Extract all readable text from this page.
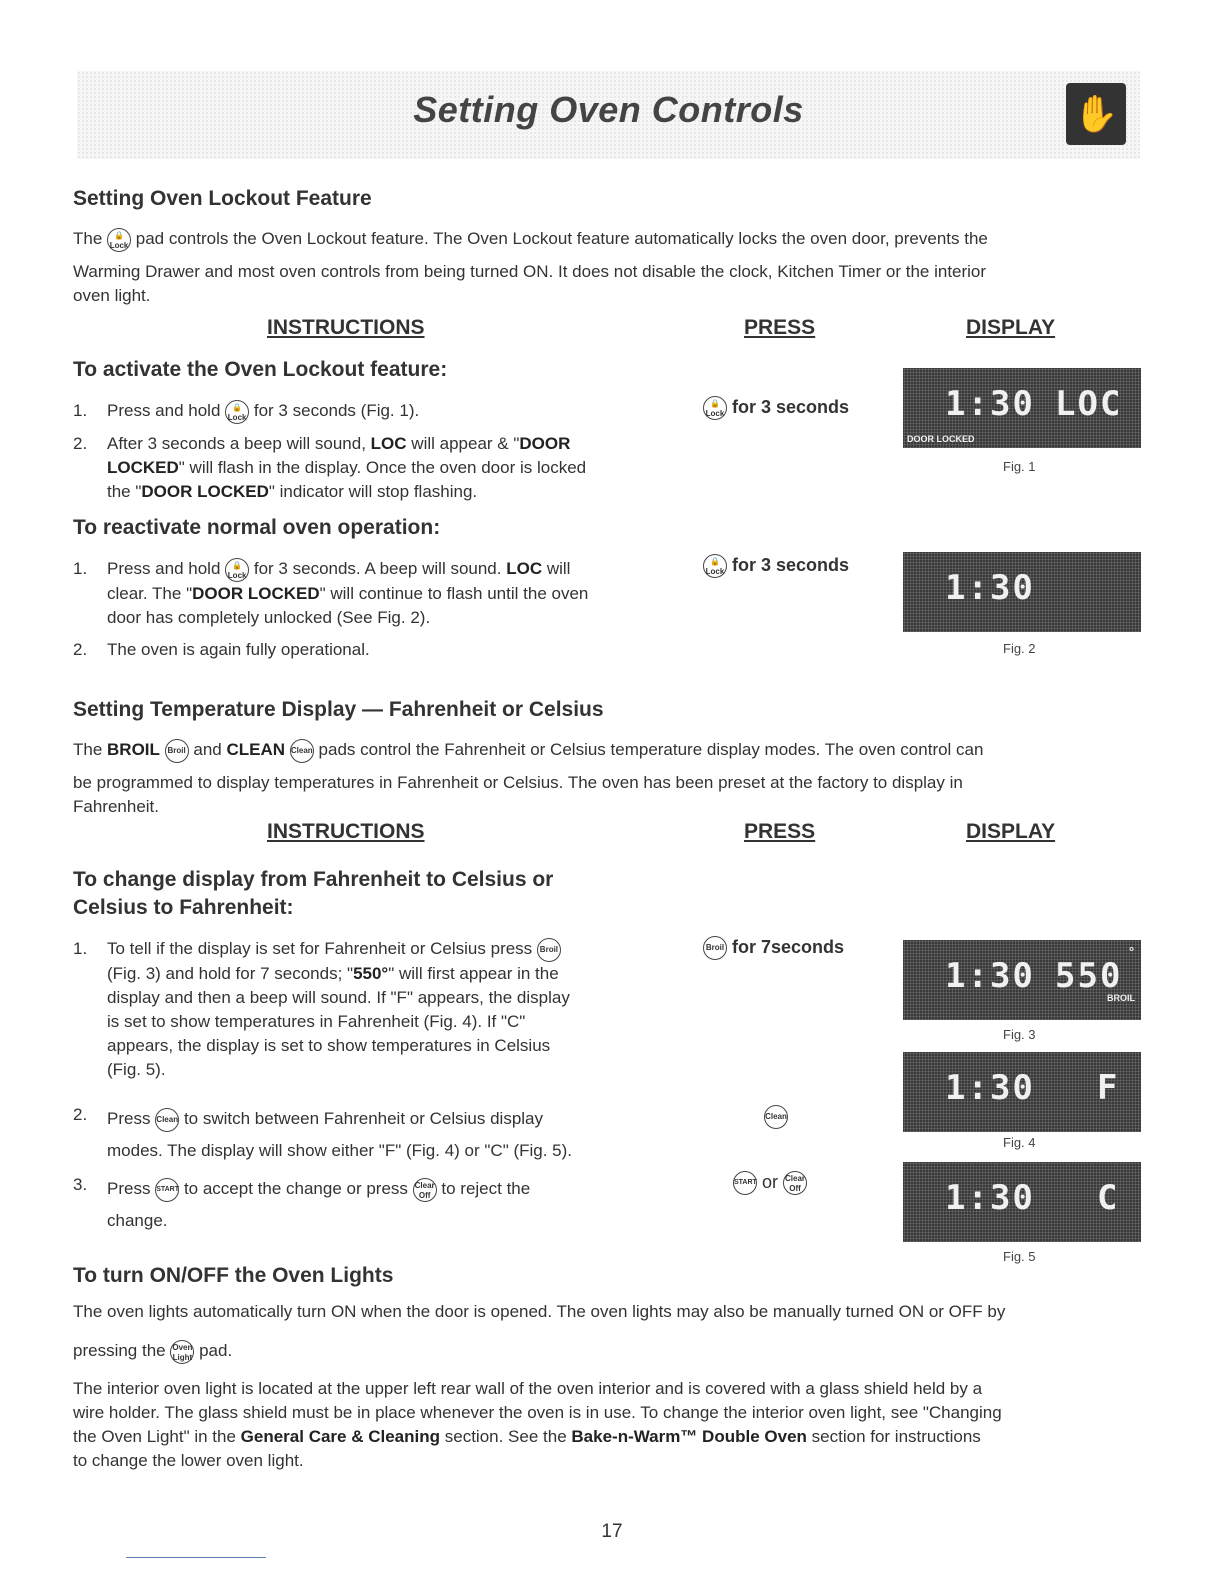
Setting Oven Controls	✋
Setting Oven Lockout Feature
The 🔒
Lock pad controls the Oven Lockout feature. The Oven Lockout feature automatically locks the oven door, prevents the
Warming Drawer and most oven controls from being turned ON. It does not disable the clock, Kitchen Timer or the interior
oven light.
INSTRUCTIONS	PRESS	DISPLAY
To activate the Oven Lockout feature:
1. Press and hold 🔒
Lock for 3 seconds (Fig. 1).
2. After 3 seconds a beep will sound, LOC will appear & "DOOR
LOCKED" will flash in the display. Once the oven door is locked
the "DOOR LOCKED" indicator will stop flashing.
🔒
Lock for 3 seconds	1:30 LOC
DOOR LOCKED
Fig. 1
To reactivate normal oven operation:
1. Press and hold 🔒
Lock for 3 seconds. A beep will sound. LOC will
clear. The "DOOR LOCKED" will continue to flash until the oven
door has completely unlocked (See Fig. 2).
2. The oven is again fully operational.
🔒
Lock for 3 seconds
1:30
Fig. 2
Setting Temperature Display — Fahrenheit or Celsius
The BROIL Broil and CLEAN Clean pads control the Fahrenheit or Celsius temperature display modes. The oven control can
be programmed to display temperatures in Fahrenheit or Celsius. The oven has been preset at the factory to display in
Fahrenheit.
INSTRUCTIONS	PRESS	DISPLAY
To change display from Fahrenheit to Celsius or
Celsius to Fahrenheit:
1. To tell if the display is set for Fahrenheit or Celsius press Broil
(Fig. 3) and hold for 7 seconds; "550°" will first appear in the
display and then a beep will sound. If "F" appears, the display
is set to show temperatures in Fahrenheit (Fig. 4). If "C"
appears, the display is set to show temperatures in Celsius
(Fig. 5).
2. Press Clean to switch between Fahrenheit or Celsius display
modes. The display will show either "F" (Fig. 4) or "C" (Fig. 5).
3. Press START to accept the change or press Clear
Off to reject the
change.
Broil for 7seconds
Clean
START or Clear
Off
1:30 550
°
BROIL
Fig. 3
1:30 F
Fig. 4
1:30 C
Fig. 5
To turn ON/OFF the Oven Lights
The oven lights automatically turn ON when the door is opened. The oven lights may also be manually turned ON or OFF by
pressing the Oven
Light pad.
The interior oven light is located at the upper left rear wall of the oven interior and is covered with a glass shield held by a
wire holder. The glass shield must be in place whenever the oven is in use. To change the interior oven light, see "Changing
the Oven Light" in the General Care & Cleaning section. See the Bake-n-Warm™ Double Oven section for instructions
to change the lower oven light.
17
